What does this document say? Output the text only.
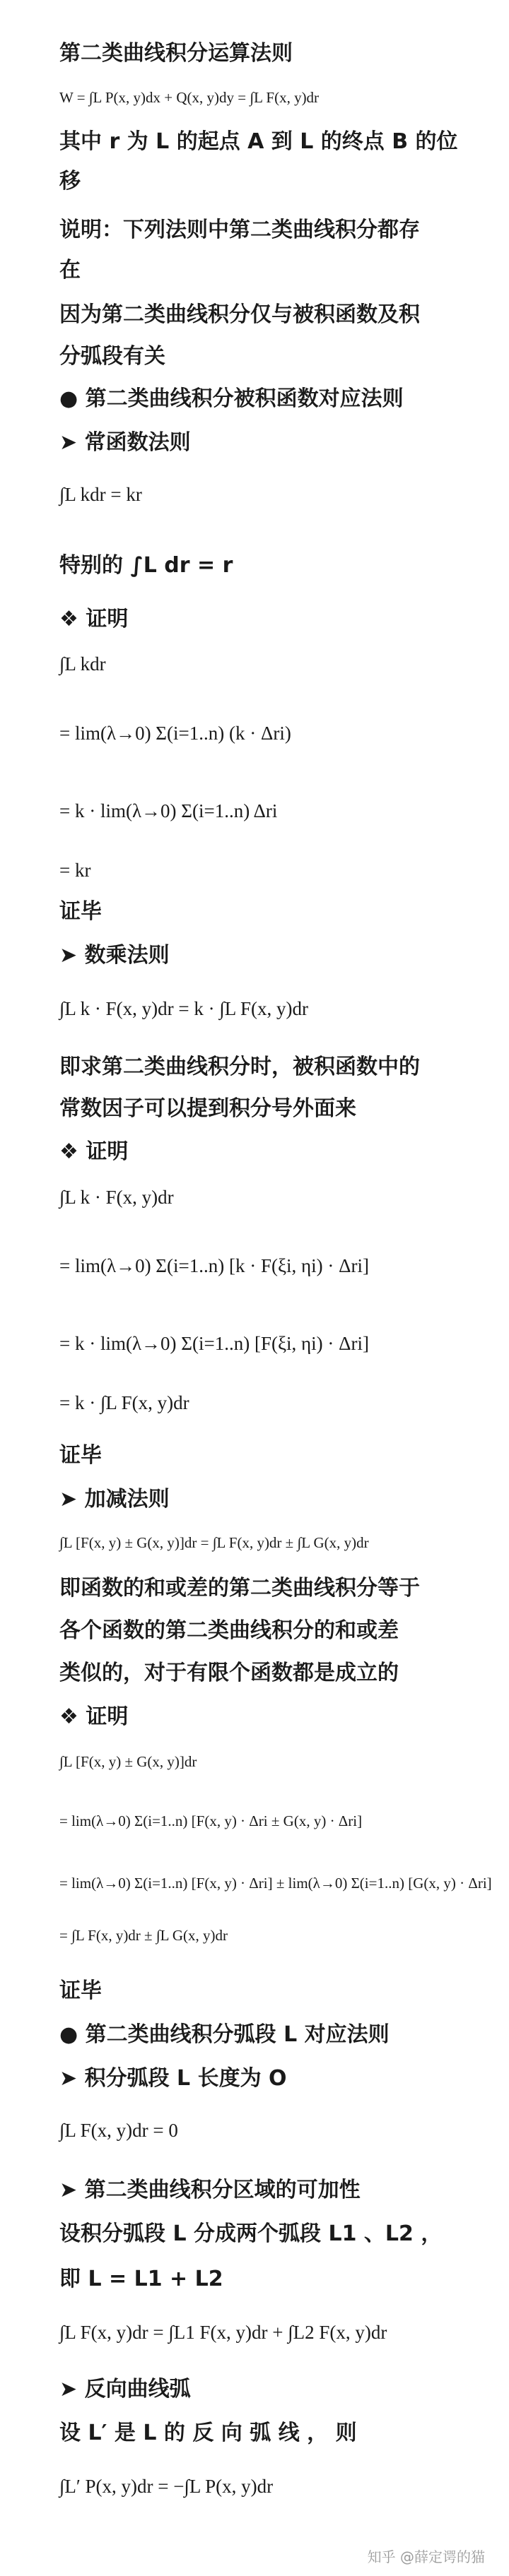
第二类曲线积分运算法则
W = ∫L P(x, y)dx + Q(x, y)dy = ∫L F(x, y)dr
其中 r 为 L 的起点 A 到 L 的终点 B 的位
移
说明：下列法则中第二类曲线积分都存
在
因为第二类曲线积分仅与被积函数及积
分弧段有关
● 第二类曲线积分被积函数对应法则
➤ 常函数法则
∫L kdr = kr
特别的 ∫L dr = r
❖ 证明
∫L kdr
= lim(λ→0) Σ(i=1..n) (k · Δri)
= k · lim(λ→0) Σ(i=1..n) Δri
= kr
证毕
➤ 数乘法则
∫L k · F(x, y)dr = k · ∫L F(x, y)dr
即求第二类曲线积分时，被积函数中的
常数因子可以提到积分号外面来
❖ 证明
∫L k · F(x, y)dr
= lim(λ→0) Σ(i=1..n) [k · F(ξi, ηi) · Δri]
= k · lim(λ→0) Σ(i=1..n) [F(ξi, ηi) · Δri]
= k · ∫L F(x, y)dr
证毕
➤ 加减法则
∫L [F(x, y) ± G(x, y)]dr = ∫L F(x, y)dr ± ∫L G(x, y)dr
即函数的和或差的第二类曲线积分等于
各个函数的第二类曲线积分的和或差
类似的，对于有限个函数都是成立的
❖ 证明
∫L [F(x, y) ± G(x, y)]dr
= lim(λ→0) Σ(i=1..n) [F(x, y) · Δri ± G(x, y) · Δri]
= lim(λ→0) Σ(i=1..n) [F(x, y) · Δri] ± lim(λ→0) Σ(i=1..n) [G(x, y) · Δri]
= ∫L F(x, y)dr ± ∫L G(x, y)dr
证毕
● 第二类曲线积分弧段 L 对应法则
➤ 积分弧段 L 长度为 O
∫L F(x, y)dr = 0
➤ 第二类曲线积分区域的可加性
设积分弧段 L 分成两个弧段 L1 、L2 ，
即 L = L1 + L2
∫L F(x, y)dr = ∫L1 F(x, y)dr + ∫L2 F(x, y)dr
➤ 反向曲线弧
设 L′ 是 L 的 反 向 弧 线 ， 则
∫L′ P(x, y)dr = −∫L P(x, y)dr
知乎 @薛定谔的猫
